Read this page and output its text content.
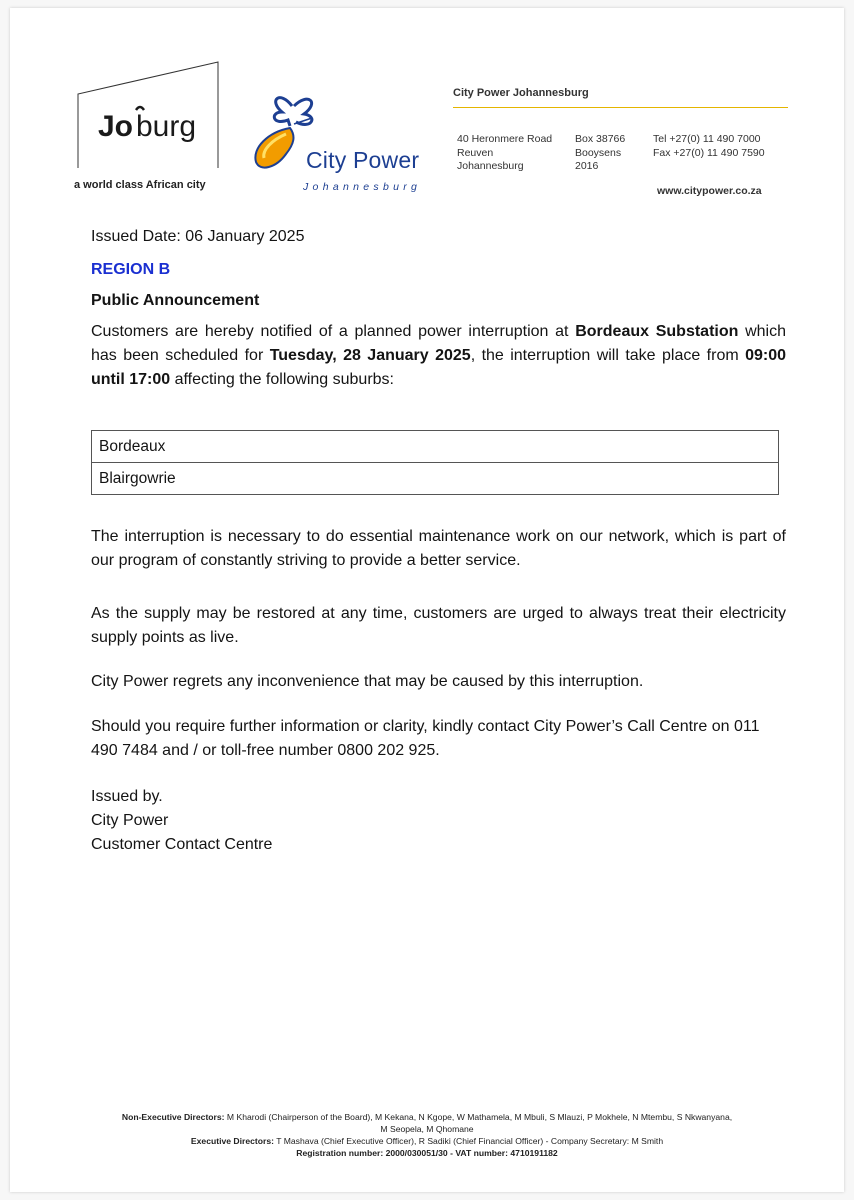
Jo burg
a world class African city
City Power
Johannesburg
City Power Johannesburg
40 Heronmere Road
Reuven
Johannesburg
Box 38766
Booysens
2016
Tel +27(0) 11 490 7000
Fax +27(0) 11 490 7590
www.citypower.co.za
Issued Date: 06 January 2025
REGION B
Public Announcement
Customers are hereby notified of a planned power interruption at Bordeaux Substation which has been scheduled for Tuesday, 28 January 2025, the interruption will take place from 09:00 until 17:00 affecting the following suburbs:
Bordeaux
Blairgowrie
The interruption is necessary to do essential maintenance work on our network, which is part of our program of constantly striving to provide a better service.
As the supply may be restored at any time, customers are urged to always treat their electricity supply points as live.
City Power regrets any inconvenience that may be caused by this interruption.
Should you require further information or clarity, kindly contact City Power’s Call Centre on 011 490 7484 and / or toll-free number 0800 202 925.
Issued by.
City Power
Customer Contact Centre
Non-Executive Directors: M Kharodi (Chairperson of the Board), M Kekana, N Kgope, W Mathamela, M Mbuli, S Mlauzi, P Mokhele, N Mtembu, S Nkwanyana,
M Seopela, M Qhomane
Executive Directors: T Mashava (Chief Executive Officer), R Sadiki (Chief Financial Officer) - Company Secretary: M Smith
Registration number: 2000/030051/30 - VAT number: 4710191182
